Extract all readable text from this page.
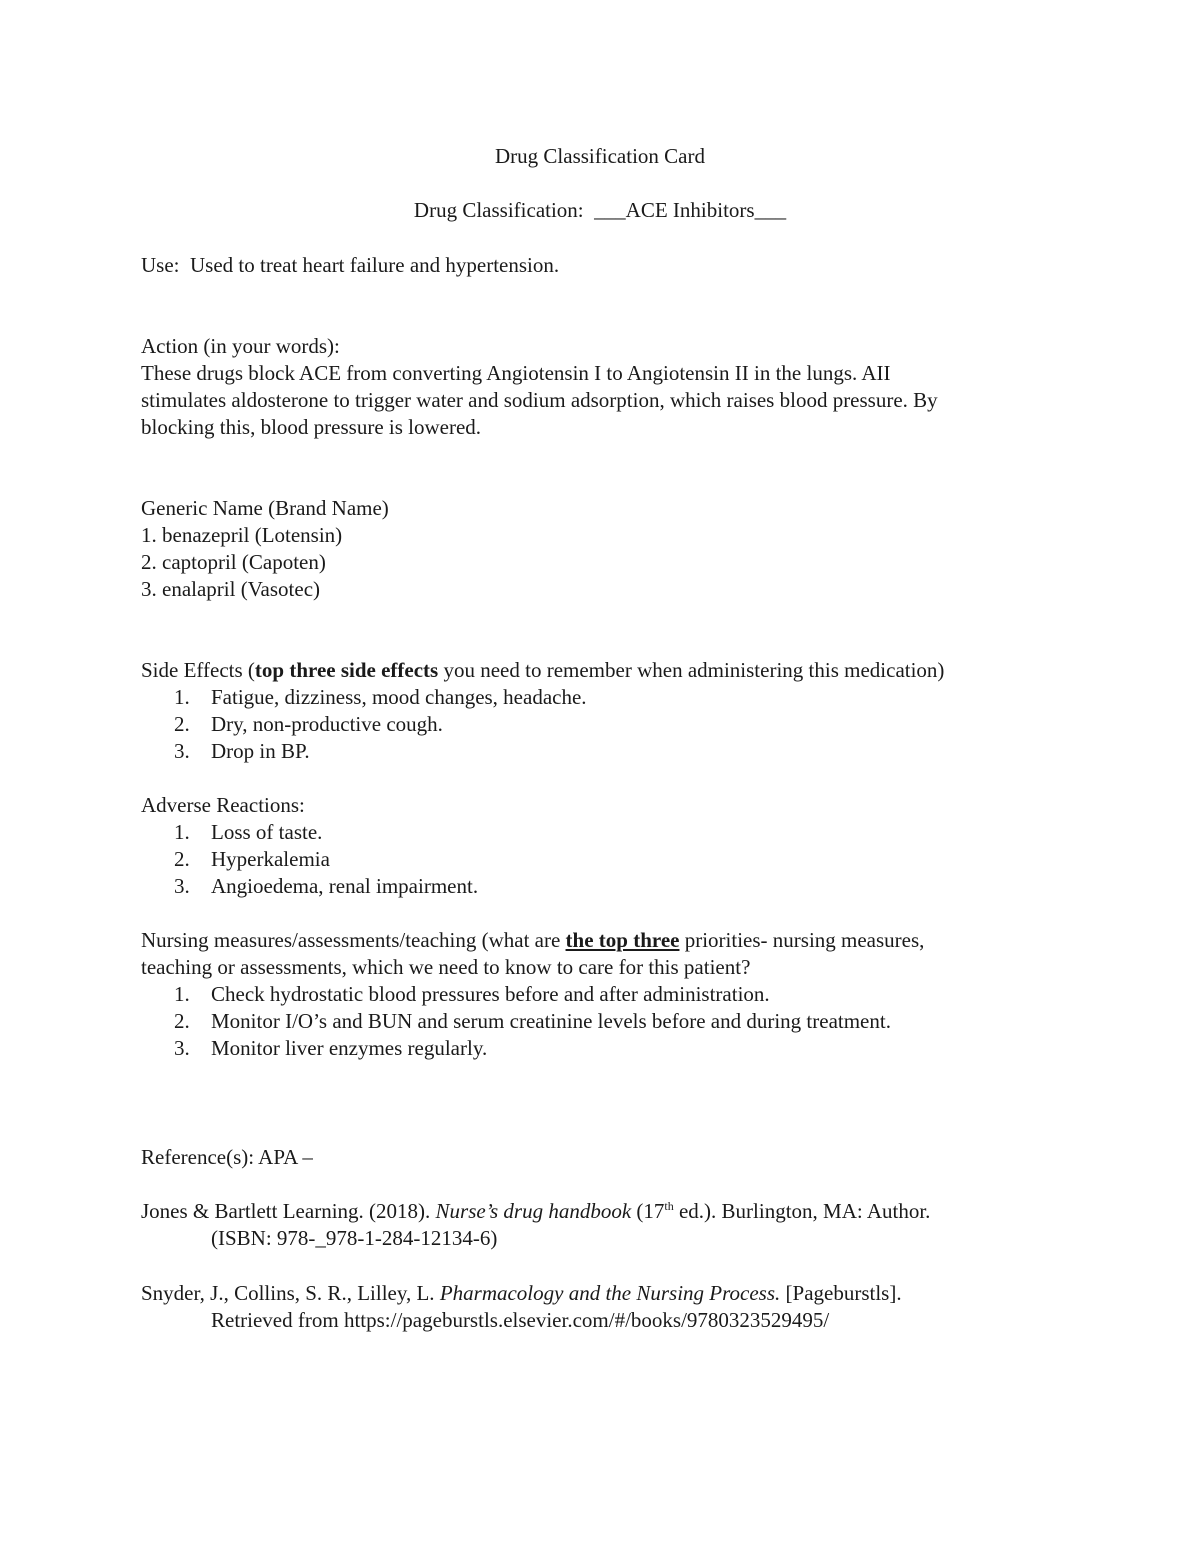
Drug Classification Card
Drug Classification: ___ACE Inhibitors___
Use: Used to treat heart failure and hypertension.
Action (in your words):
These drugs block ACE from converting Angiotensin I to Angiotensin II in the lungs. AII
stimulates aldosterone to trigger water and sodium adsorption, which raises blood pressure. By
blocking this, blood pressure is lowered.
Generic Name (Brand Name)
1. benazepril (Lotensin)
2. captopril (Capoten)
3. enalapril (Vasotec)
Side Effects (top three side effects you need to remember when administering this medication)
1. Fatigue, dizziness, mood changes, headache.
2. Dry, non-productive cough.
3. Drop in BP.
Adverse Reactions:
1. Loss of taste.
2. Hyperkalemia
3. Angioedema, renal impairment.
Nursing measures/assessments/teaching (what are the top three priorities- nursing measures,
teaching or assessments, which we need to know to care for this patient?
1. Check hydrostatic blood pressures before and after administration.
2. Monitor I/O’s and BUN and serum creatinine levels before and during treatment.
3. Monitor liver enzymes regularly.
Reference(s): APA –
Jones & Bartlett Learning. (2018). Nurse’s drug handbook (17th ed.). Burlington, MA: Author.
(ISBN: 978-_978-1-284-12134-6)
Snyder, J., Collins, S. R., Lilley, L. Pharmacology and the Nursing Process. [Pageburstls].
Retrieved from https://pageburstls.elsevier.com/#/books/9780323529495/
